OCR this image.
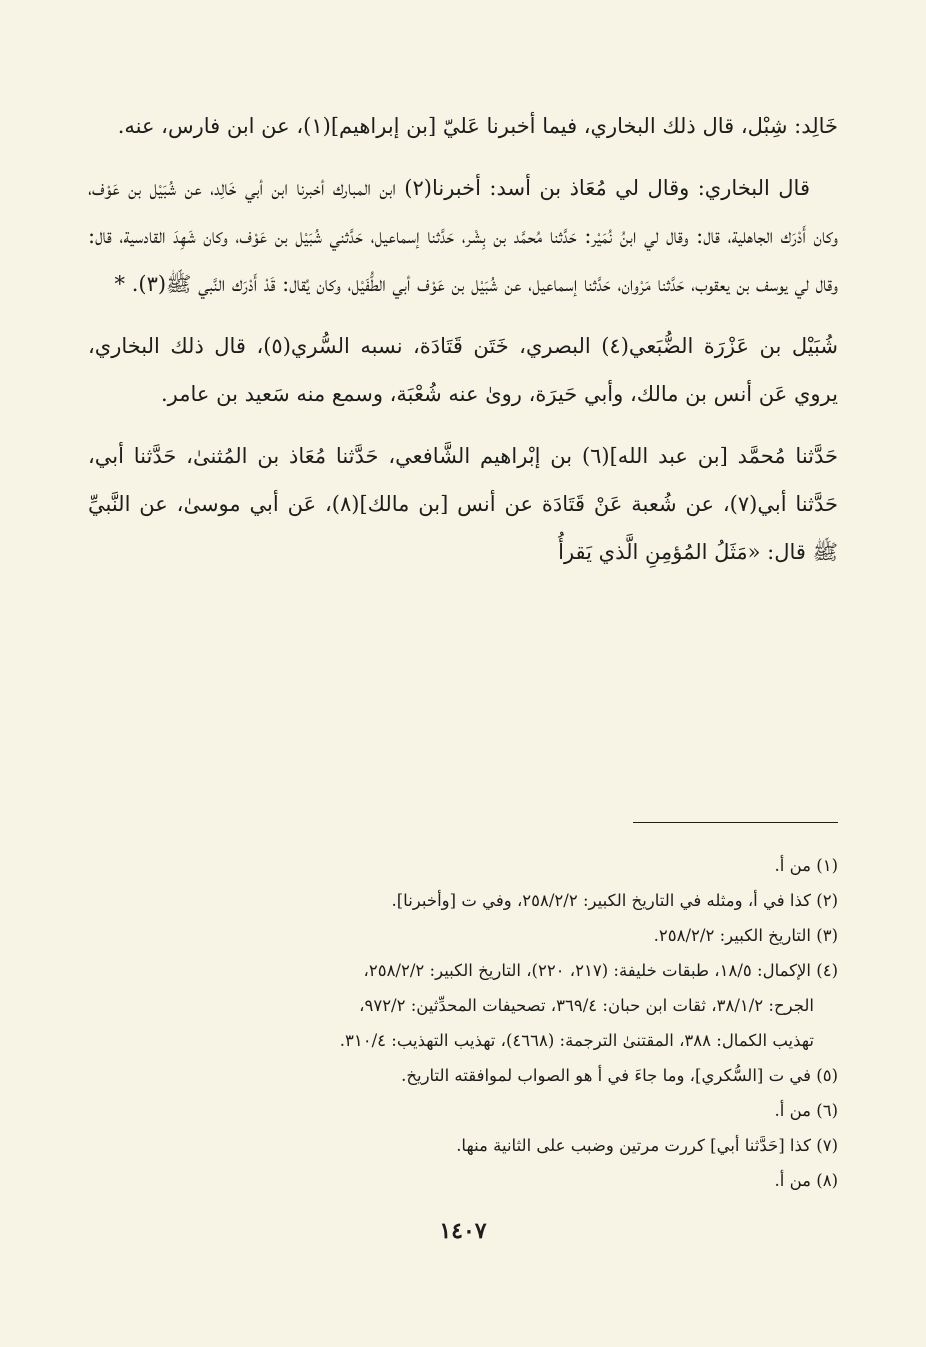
خَالِد: شِبْل، قال ذلك البخاري، فيما أخبرنا عَليّ [بن إبراهيم](١)، عن ابن فارس، عنه.

قال البخاري: وقال لي مُعَاذ بن أسد: أخبرنا(٢) ابن المبارك أخبرنا ابن أبي خَالِد، عن شُبَيْل بن عَوْف، وكان أَدْرَك الجاهلية، قال: وقال لي ابنُ نُمَيْر: حَدَّثنا مُحمَّد بن بِشْر، حَدَّثنا إسماعيل، حَدَّثني شُبَيْل بن عَوْف، وكان شَهِدَ القادسية، قال: وقال لي يوسف بن يعقوب، حَدَّثنا مَرْوان، حَدَّثنا إسماعيل، عن شُبَيْل بن عَوْف أبي الطُّفَيْل، وكان يُقال: قَدْ أَدْرَك النَّبي ﷺ(٣). *

شُبَيْل بن عَزْرَة الضُّبَعي(٤) البصري، خَتَن قَتَادَة، نسبه السُّري(٥)، قال ذلك البخاري، يروي عَن أنس بن مالك، وأبي حَيرَة، روىٰ عنه شُعْبَة، وسمع منه سَعيد بن عامر.

حَدَّثنا مُحمَّد [بن عبد الله](٦) بن إبْراهيم الشَّافعي، حَدَّثنا مُعَاذ بن المُثنىٰ، حَدَّثنا أبي، حَدَّثنا أبي(٧)، عن شُعبة عَنْ قَتَادَة عن أنس [بن مالك](٨)، عَن أبي موسىٰ، عن النَّبيِّ ﷺ قال: «مَثَلُ المُؤمِنِ الَّذي يَقرأُ

(١) من أ.

(٢) كذا في أ، ومثله في التاريخ الكبير: ٢٥٨/٢/٢، وفي ت [وأخبرنا].

(٣) التاريخ الكبير: ٢٥٨/٢/٢.

(٤) الإكمال: ١٨/٥، طبقات خليفة: (٢١٧، ٢٢٠)، التاريخ الكبير: ٢٥٨/٢/٢،

الجرح: ٣٨/١/٢، ثقات ابن حبان: ٣٦٩/٤، تصحيفات المحدِّثين: ٩٧٢/٢،

تهذيب الكمال: ٣٨٨، المقتنىٰ الترجمة: (٤٦٦٨)، تهذيب التهذيب: ٣١٠/٤.

(٥) في ت [السُّكري]، وما جاءَ في أ هو الصواب لموافقته التاريخ.

(٦) من أ.

(٧) كذا [حَدَّثنا أبي] كررت مرتين وضبب على الثانية منها.

(٨) من أ.

١٤٠٧
